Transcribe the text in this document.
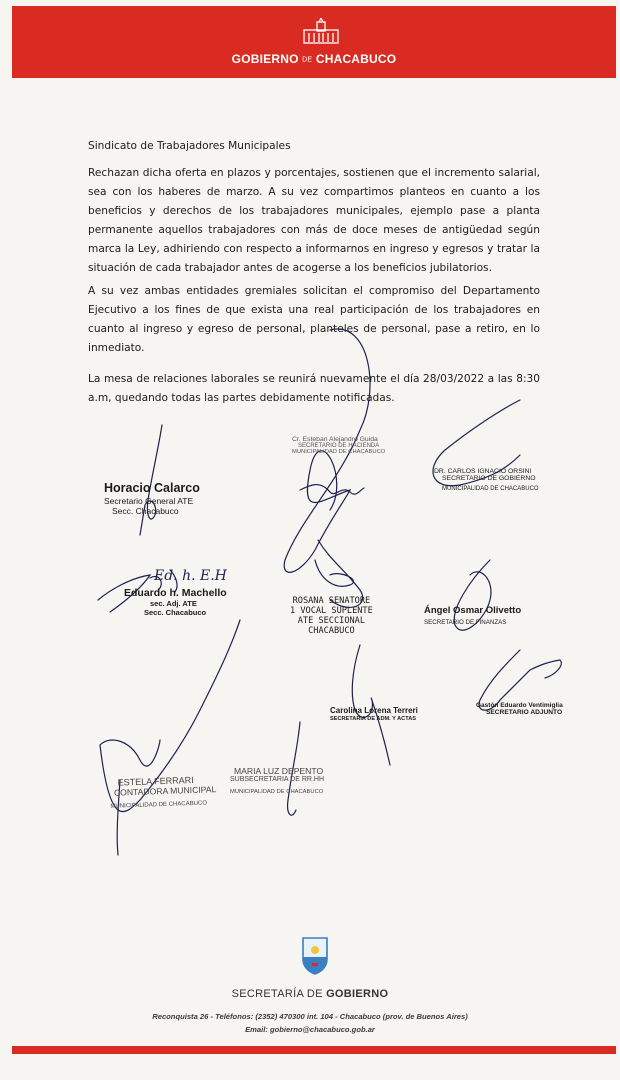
GOBIERNO DE CHACABUCO

Sindicato de Trabajadores Municipales

Rechazan dicha oferta en plazos y porcentajes, sostienen que el incremento salarial, sea con los haberes de marzo. A su vez compartimos planteos en cuanto a los beneficios y derechos de los trabajadores municipales, ejemplo pase a planta permanente aquellos trabajadores con más de doce meses de antigüedad según marca la Ley, adhiriendo con respecto a informarnos en ingreso y egresos y tratar la situación de cada trabajador antes de acogerse a los beneficios jubilatorios.

A su vez ambas entidades gremiales solicitan el compromiso del Departamento Ejecutivo a los fines de que exista una real participación de los trabajadores en cuanto al ingreso y egreso de personal, planteles de personal, pase a retiro, en lo inmediato.

La mesa de relaciones laborales se reunirá nuevamente el día 28/03/2022 a las 8:30 a.m, quedando todas las partes debidamente notificadas.

Horacio Calarco
Secretario General ATE
Secc. Chacabuco
Cr. Esteban Alejandro Guida
SECRETARIO DE HACIENDA
MUNICIPALIDAD DE CHACABUCO
DR. CARLOS IGNACIO ORSINI
SECRETARIO DE GOBIERNO
MUNICIPALIDAD DE CHACABUCO
Ed. h. E.H
Eduardo h. Machello
sec. Adj. ATE
Secc. Chacabuco
ROSANA SENATORE
1 VOCAL SUPLENTE
ATE SECCIONAL
CHACABUCO
Ángel Osmar Olivetto
SECRETARIO DE FINANZAS
Carolina Lorena Terreri
SECRETARIA DE ADM. Y ACTAS
Gastón Eduardo Ventimiglia
SECRETARIO ADJUNTO
ESTELA FERRARI
CONTADORA MUNICIPAL
MUNICIPALIDAD DE CHACABUCO
MARIA LUZ DEPENTO
SUBSECRETARIA DE RR.HH
MUNICIPALIDAD DE CHACABUCO
SECRETARÍA DE GOBIERNO
Reconquista 26 - Teléfonos: (2352) 470300 int. 104 - Chacabuco (prov. de Buenos Aires)
Email: gobierno@chacabuco.gob.ar
